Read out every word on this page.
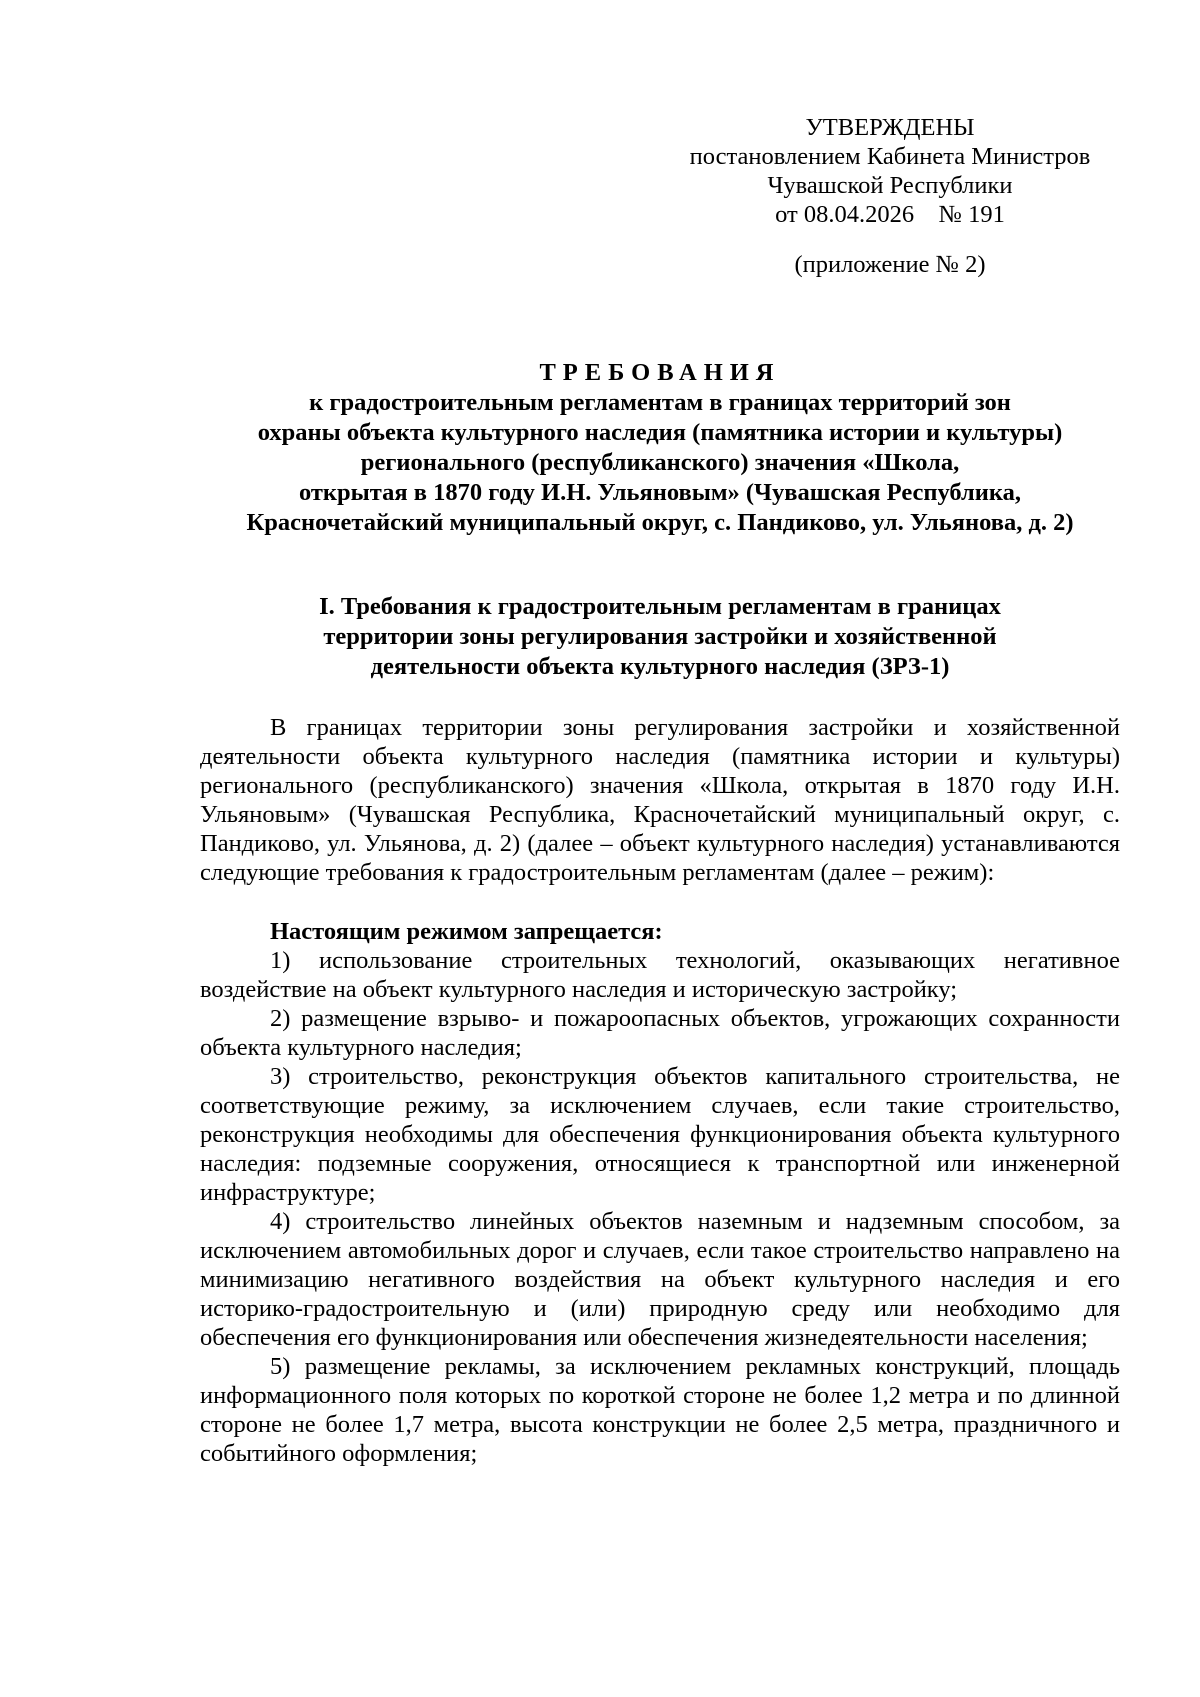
УТВЕРЖДЕНЫ
постановлением Кабинета Министров
Чувашской Республики
от 08.04.2026    № 191
(приложение № 2)
ТРЕБОВАНИЯ
к градостроительным регламентам в границах территорий зон
охраны объекта культурного наследия (памятника истории и культуры)
регионального (республиканского) значения «Школа,
открытая в 1870 году И.Н. Ульяновым» (Чувашская Республика,
Красночетайский муниципальный округ, с. Пандиково, ул. Ульянова, д. 2)
I. Требования к градостроительным регламентам в границах
территории зоны регулирования застройки и хозяйственной
деятельности объекта культурного наследия (ЗРЗ-1)

В границах территории зоны регулирования застройки и хозяйственной деятельности объекта культурного наследия (памятника истории и культуры) регионального (республиканского) значения «Школа, открытая в 1870 году И.Н. Ульяновым» (Чувашская Республика, Красночетайский муниципальный округ, с. Пандиково, ул. Ульянова, д. 2) (далее – объект культурного наследия) устанавливаются следующие требования к градостроительным регламентам (далее – режим):

Настоящим режимом запрещается:

1) использование строительных технологий, оказывающих негативное воздействие на объект культурного наследия и историческую застройку;

2) размещение взрыво- и пожароопасных объектов, угрожающих сохранности объекта культурного наследия;

3) строительство, реконструкция объектов капитального строительства, не соответствующие режиму, за исключением случаев, если такие строительство, реконструкция необходимы для обеспечения функционирования объекта культурного наследия: подземные сооружения, относящиеся к транспортной или инженерной инфраструктуре;

4) строительство линейных объектов наземным и надземным способом, за исключением автомобильных дорог и случаев, если такое строительство направлено на минимизацию негативного воздействия на объект культурного наследия и его историко-градостроительную и (или) природную среду или необходимо для обеспечения его функционирования или обеспечения жизнедеятельности населения;

5) размещение рекламы, за исключением рекламных конструкций, площадь информационного поля которых по короткой стороне не более 1,2 метра и по длинной стороне не более 1,7 метра, высота конструкции не более 2,5 метра, праздничного и событийного оформления;
